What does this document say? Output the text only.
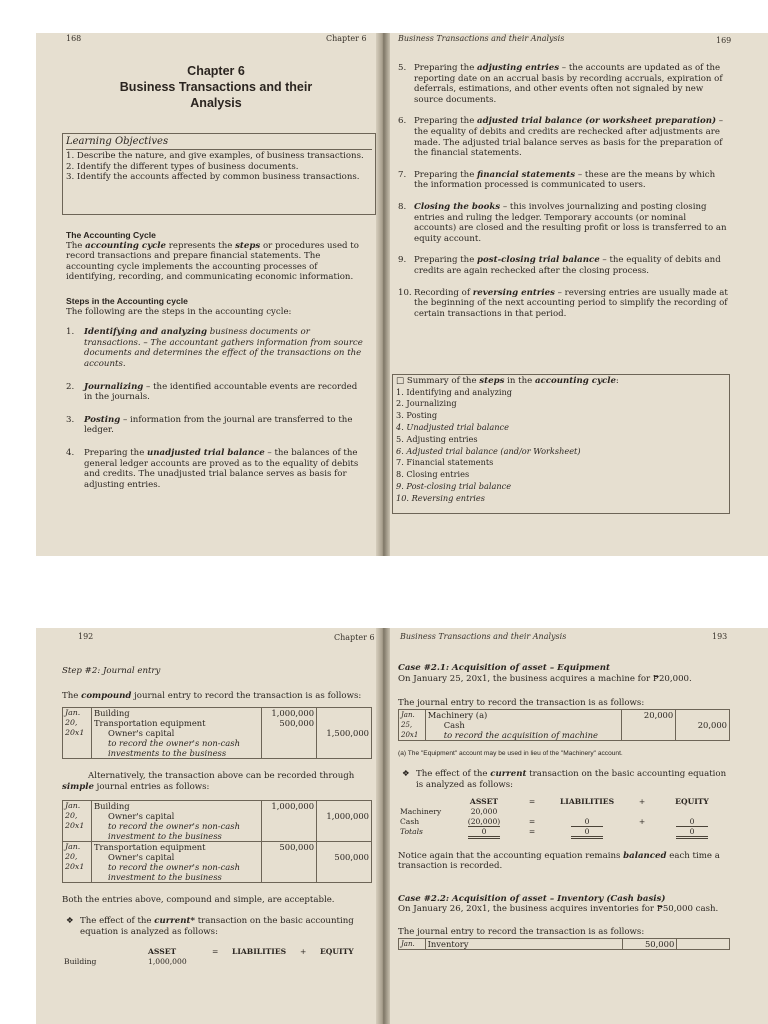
168	Chapter 6
Chapter 6
Business Transactions and their Analysis
Learning Objectives

1. Describe the nature, and give examples, of business transactions.

2. Identify the different types of business documents.

3. Identify the accounts affected by common business transactions.

The Accounting Cycle

The accounting cycle represents the steps or procedures used to record transactions and prepare financial statements. The accounting cycle implements the accounting processes of identifying, recording, and communicating economic information.

Steps in the Accounting cycle

The following are the steps in the accounting cycle:

1. Identifying and analyzing business documents or transactions. – The accountant gathers information from source documents and determines the effect of the transactions on the accounts.
2. Journalizing – the identified accountable events are recorded in the journals.
3. Posting – information from the journal are transferred to the ledger.
4. Preparing the unadjusted trial balance – the balances of the general ledger accounts are proved as to the equality of debits and credits. The unadjusted trial balance serves as basis for adjusting entries.
Business Transactions and their Analysis	169
5. Preparing the adjusting entries – the accounts are updated as of the reporting date on an accrual basis by recording accruals, expiration of deferrals, estimations, and other events often not signaled by new source documents.
6. Preparing the adjusted trial balance (or worksheet preparation) – the equality of debits and credits are rechecked after adjustments are made. The adjusted trial balance serves as basis for the preparation of the financial statements.
7. Preparing the financial statements – these are the means by which the information processed is communicated to users.
8. Closing the books – this involves journalizing and posting closing entries and ruling the ledger. Temporary accounts (or nominal accounts) are closed and the resulting profit or loss is transferred to an equity account.
9. Preparing the post-closing trial balance – the equality of debits and credits are again rechecked after the closing process.
10. Recording of reversing entries – reversing entries are usually made at the beginning of the next accounting period to simplify the recording of certain transactions in that period.

□ Summary of the steps in the accounting cycle:

1. Identifying and analyzing

2. Journalizing

3. Posting

4. Unadjusted trial balance

5. Adjusting entries

6. Adjusted trial balance (and/or Worksheet)

7. Financial statements

8. Closing entries

9. Post-closing trial balance

10. Reversing entries

192	Chapter 6

Step #2: Journal entry

The compound journal entry to record the transaction is as follows:

Jan.
20,
20x1	Building	1,000,000	
	Transportation equipment	500,000	
	Owner's capital		1,500,000
	to record the owner's non-cash investments to the business		

Alternatively, the transaction above can be recorded through simple journal entries as follows:

Jan.
20,
20x1	Building	1,000,000	
	Owner's capital		1,000,000
	to record the owner's non-cash investment to the business		

Jan.
20,
20x1	Transportation equipment	500,000	
	Owner's capital		500,000
	to record the owner's non-cash investment to the business		

Both the entries above, compound and simple, are acceptable.

❖ The effect of the current* transaction on the basic accounting equation is analyzed as follows:
	ASSET	=	LIABILITIES	+	EQUITY
Building	1,000,000				
Business Transactions and their Analysis	193

Case #2.1: Acquisition of asset – Equipment

On January 25, 20x1, the business acquires a machine for ₱20,000.

The journal entry to record the transaction is as follows:

Jan.
25,
20x1	Machinery (a)	20,000	
	Cash		20,000
	to record the acquisition of machine		

(a) The "Equipment" account may be used in lieu of the "Machinery" account.

❖ The effect of the current transaction on the basic accounting equation is analyzed as follows:
	ASSET	=	LIABILITIES	+	EQUITY
Machinery	20,000				
Cash	(20,000)	=	0	+	0
Totals	0	=	0		0

Notice again that the accounting equation remains balanced each time a transaction is recorded.

Case #2.2: Acquisition of asset – Inventory (Cash basis)

On January 26, 20x1, the business acquires inventories for ₱50,000 cash.

The journal entry to record the transaction is as follows:

Jan.	Inventory	50,000	
